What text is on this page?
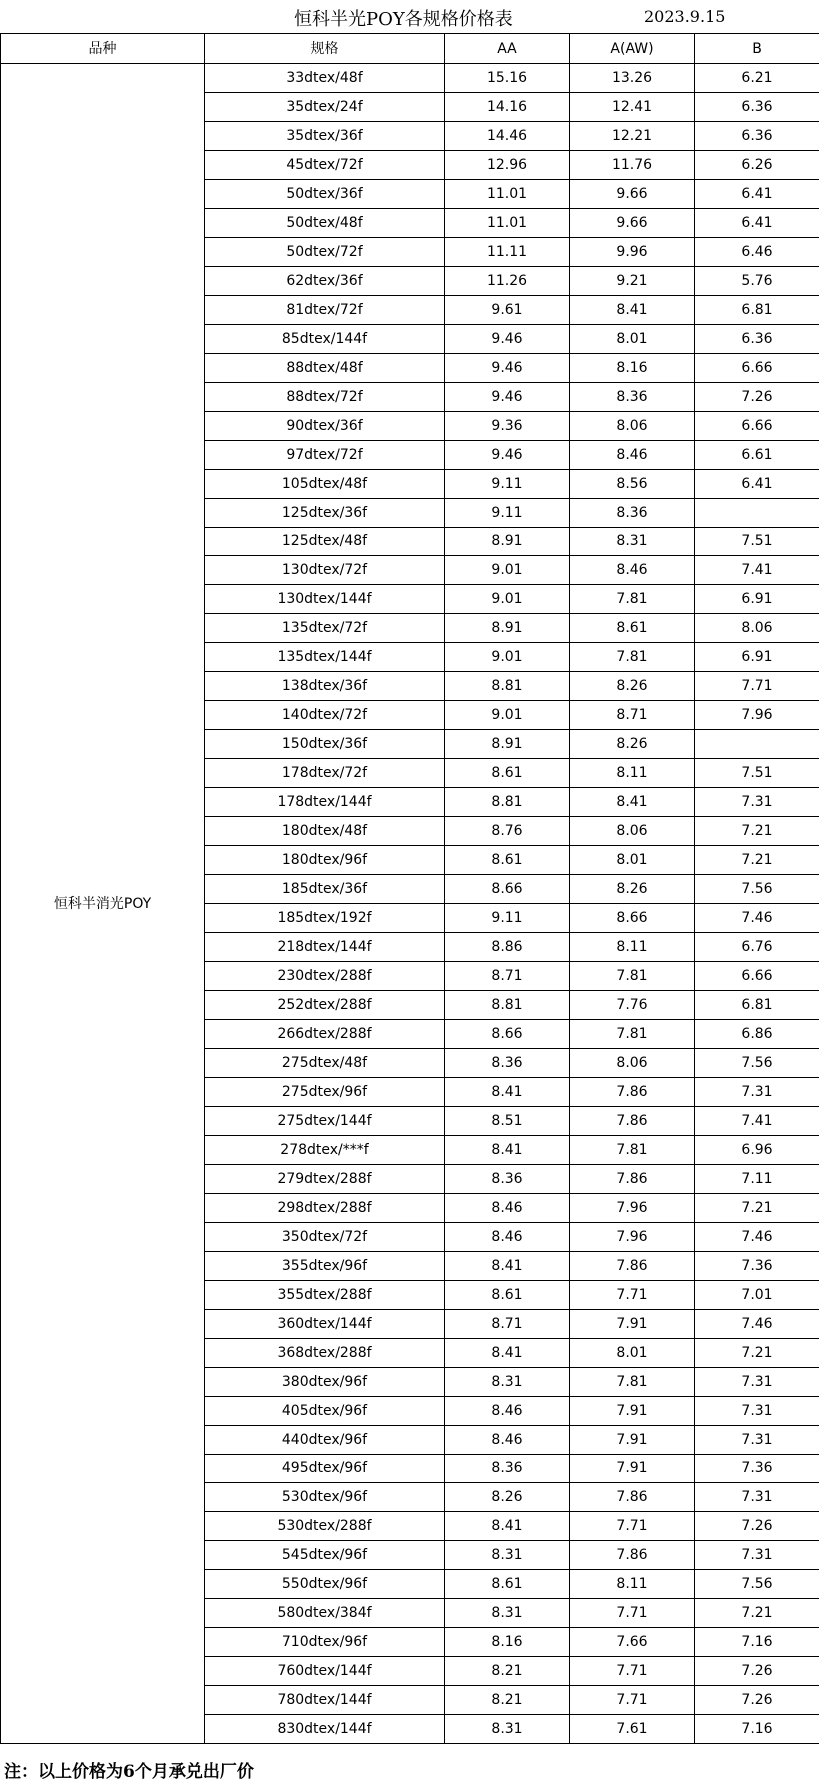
恒科半光POY各规格价格表	2023.9.15
品种	规格	AA	A(AW)	B
恒科半消光POY	33dtex/48f	15.16	13.26	6.21
	35dtex/24f	14.16	12.41	6.36
	35dtex/36f	14.46	12.21	6.36
	45dtex/72f	12.96	11.76	6.26
	50dtex/36f	11.01	9.66	6.41
	50dtex/48f	11.01	9.66	6.41
	50dtex/72f	11.11	9.96	6.46
	62dtex/36f	11.26	9.21	5.76
	81dtex/72f	9.61	8.41	6.81
	85dtex/144f	9.46	8.01	6.36
	88dtex/48f	9.46	8.16	6.66
	88dtex/72f	9.46	8.36	7.26
	90dtex/36f	9.36	8.06	6.66
	97dtex/72f	9.46	8.46	6.61
	105dtex/48f	9.11	8.56	6.41
	125dtex/36f	9.11	8.36	
	125dtex/48f	8.91	8.31	7.51
	130dtex/72f	9.01	8.46	7.41
	130dtex/144f	9.01	7.81	6.91
	135dtex/72f	8.91	8.61	8.06
	135dtex/144f	9.01	7.81	6.91
	138dtex/36f	8.81	8.26	7.71
	140dtex/72f	9.01	8.71	7.96
	150dtex/36f	8.91	8.26	
	178dtex/72f	8.61	8.11	7.51
	178dtex/144f	8.81	8.41	7.31
	180dtex/48f	8.76	8.06	7.21
	180dtex/96f	8.61	8.01	7.21
	185dtex/36f	8.66	8.26	7.56
	185dtex/192f	9.11	8.66	7.46
	218dtex/144f	8.86	8.11	6.76
	230dtex/288f	8.71	7.81	6.66
	252dtex/288f	8.81	7.76	6.81
	266dtex/288f	8.66	7.81	6.86
	275dtex/48f	8.36	8.06	7.56
	275dtex/96f	8.41	7.86	7.31
	275dtex/144f	8.51	7.86	7.41
	278dtex/***f	8.41	7.81	6.96
	279dtex/288f	8.36	7.86	7.11
	298dtex/288f	8.46	7.96	7.21
	350dtex/72f	8.46	7.96	7.46
	355dtex/96f	8.41	7.86	7.36
	355dtex/288f	8.61	7.71	7.01
	360dtex/144f	8.71	7.91	7.46
	368dtex/288f	8.41	8.01	7.21
	380dtex/96f	8.31	7.81	7.31
	405dtex/96f	8.46	7.91	7.31
	440dtex/96f	8.46	7.91	7.31
	495dtex/96f	8.36	7.91	7.36
	530dtex/96f	8.26	7.86	7.31
	530dtex/288f	8.41	7.71	7.26
	545dtex/96f	8.31	7.86	7.31
	550dtex/96f	8.61	8.11	7.56
	580dtex/384f	8.31	7.71	7.21
	710dtex/96f	8.16	7.66	7.16
	760dtex/144f	8.21	7.71	7.26
	780dtex/144f	8.21	7.71	7.26
	830dtex/144f	8.31	7.61	7.16
注：以上价格为6个月承兑出厂价
